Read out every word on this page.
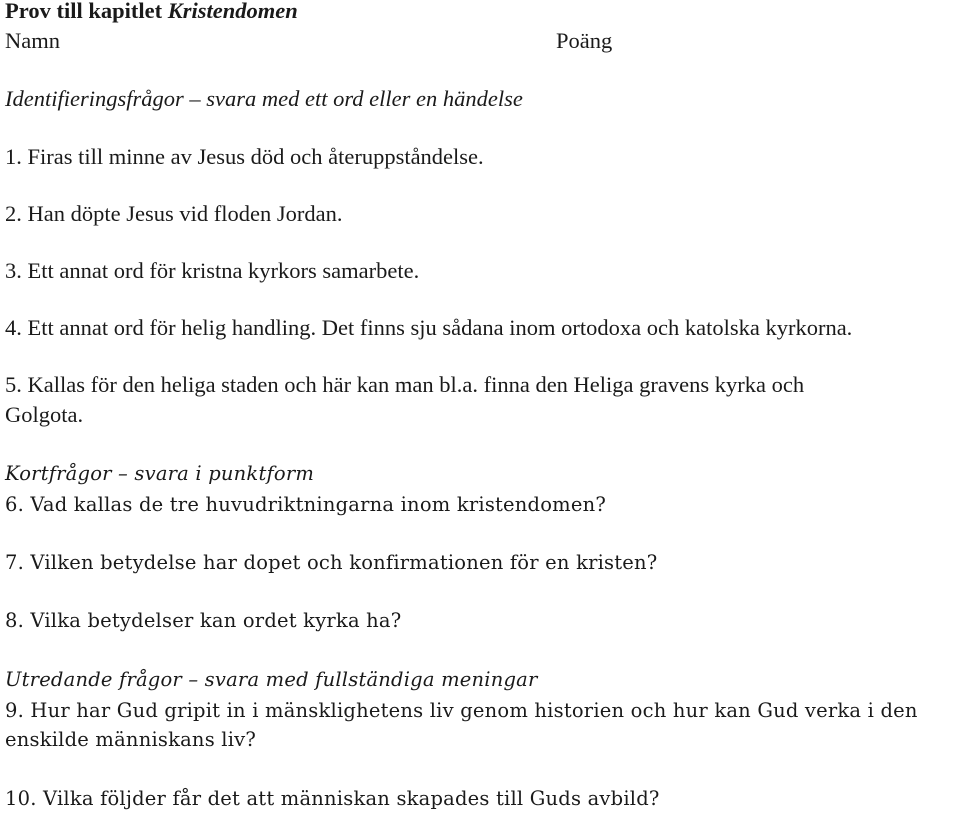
Prov till kapitlet Kristendomen
Namn	Poäng
Identifieringsfrågor – svara med ett ord eller en händelse
1. Firas till minne av Jesus död och återuppståndelse.
2. Han döpte Jesus vid floden Jordan.
3. Ett annat ord för kristna kyrkors samarbete.
4. Ett annat ord för helig handling. Det finns sju sådana inom ortodoxa och katolska kyrkorna.
5. Kallas för den heliga staden och här kan man bl.a. finna den Heliga gravens kyrka och
Golgota.
Kortfrågor – svara i punktform
6. Vad kallas de tre huvudriktningarna inom kristendomen?
7. Vilken betydelse har dopet och konfirmationen för en kristen?
8. Vilka betydelser kan ordet kyrka ha?
Utredande frågor – svara med fullständiga meningar
9. Hur har Gud gripit in i mänsklighetens liv genom historien och hur kan Gud verka i den
enskilde människans liv?
10. Vilka följder får det att människan skapades till Guds avbild?
